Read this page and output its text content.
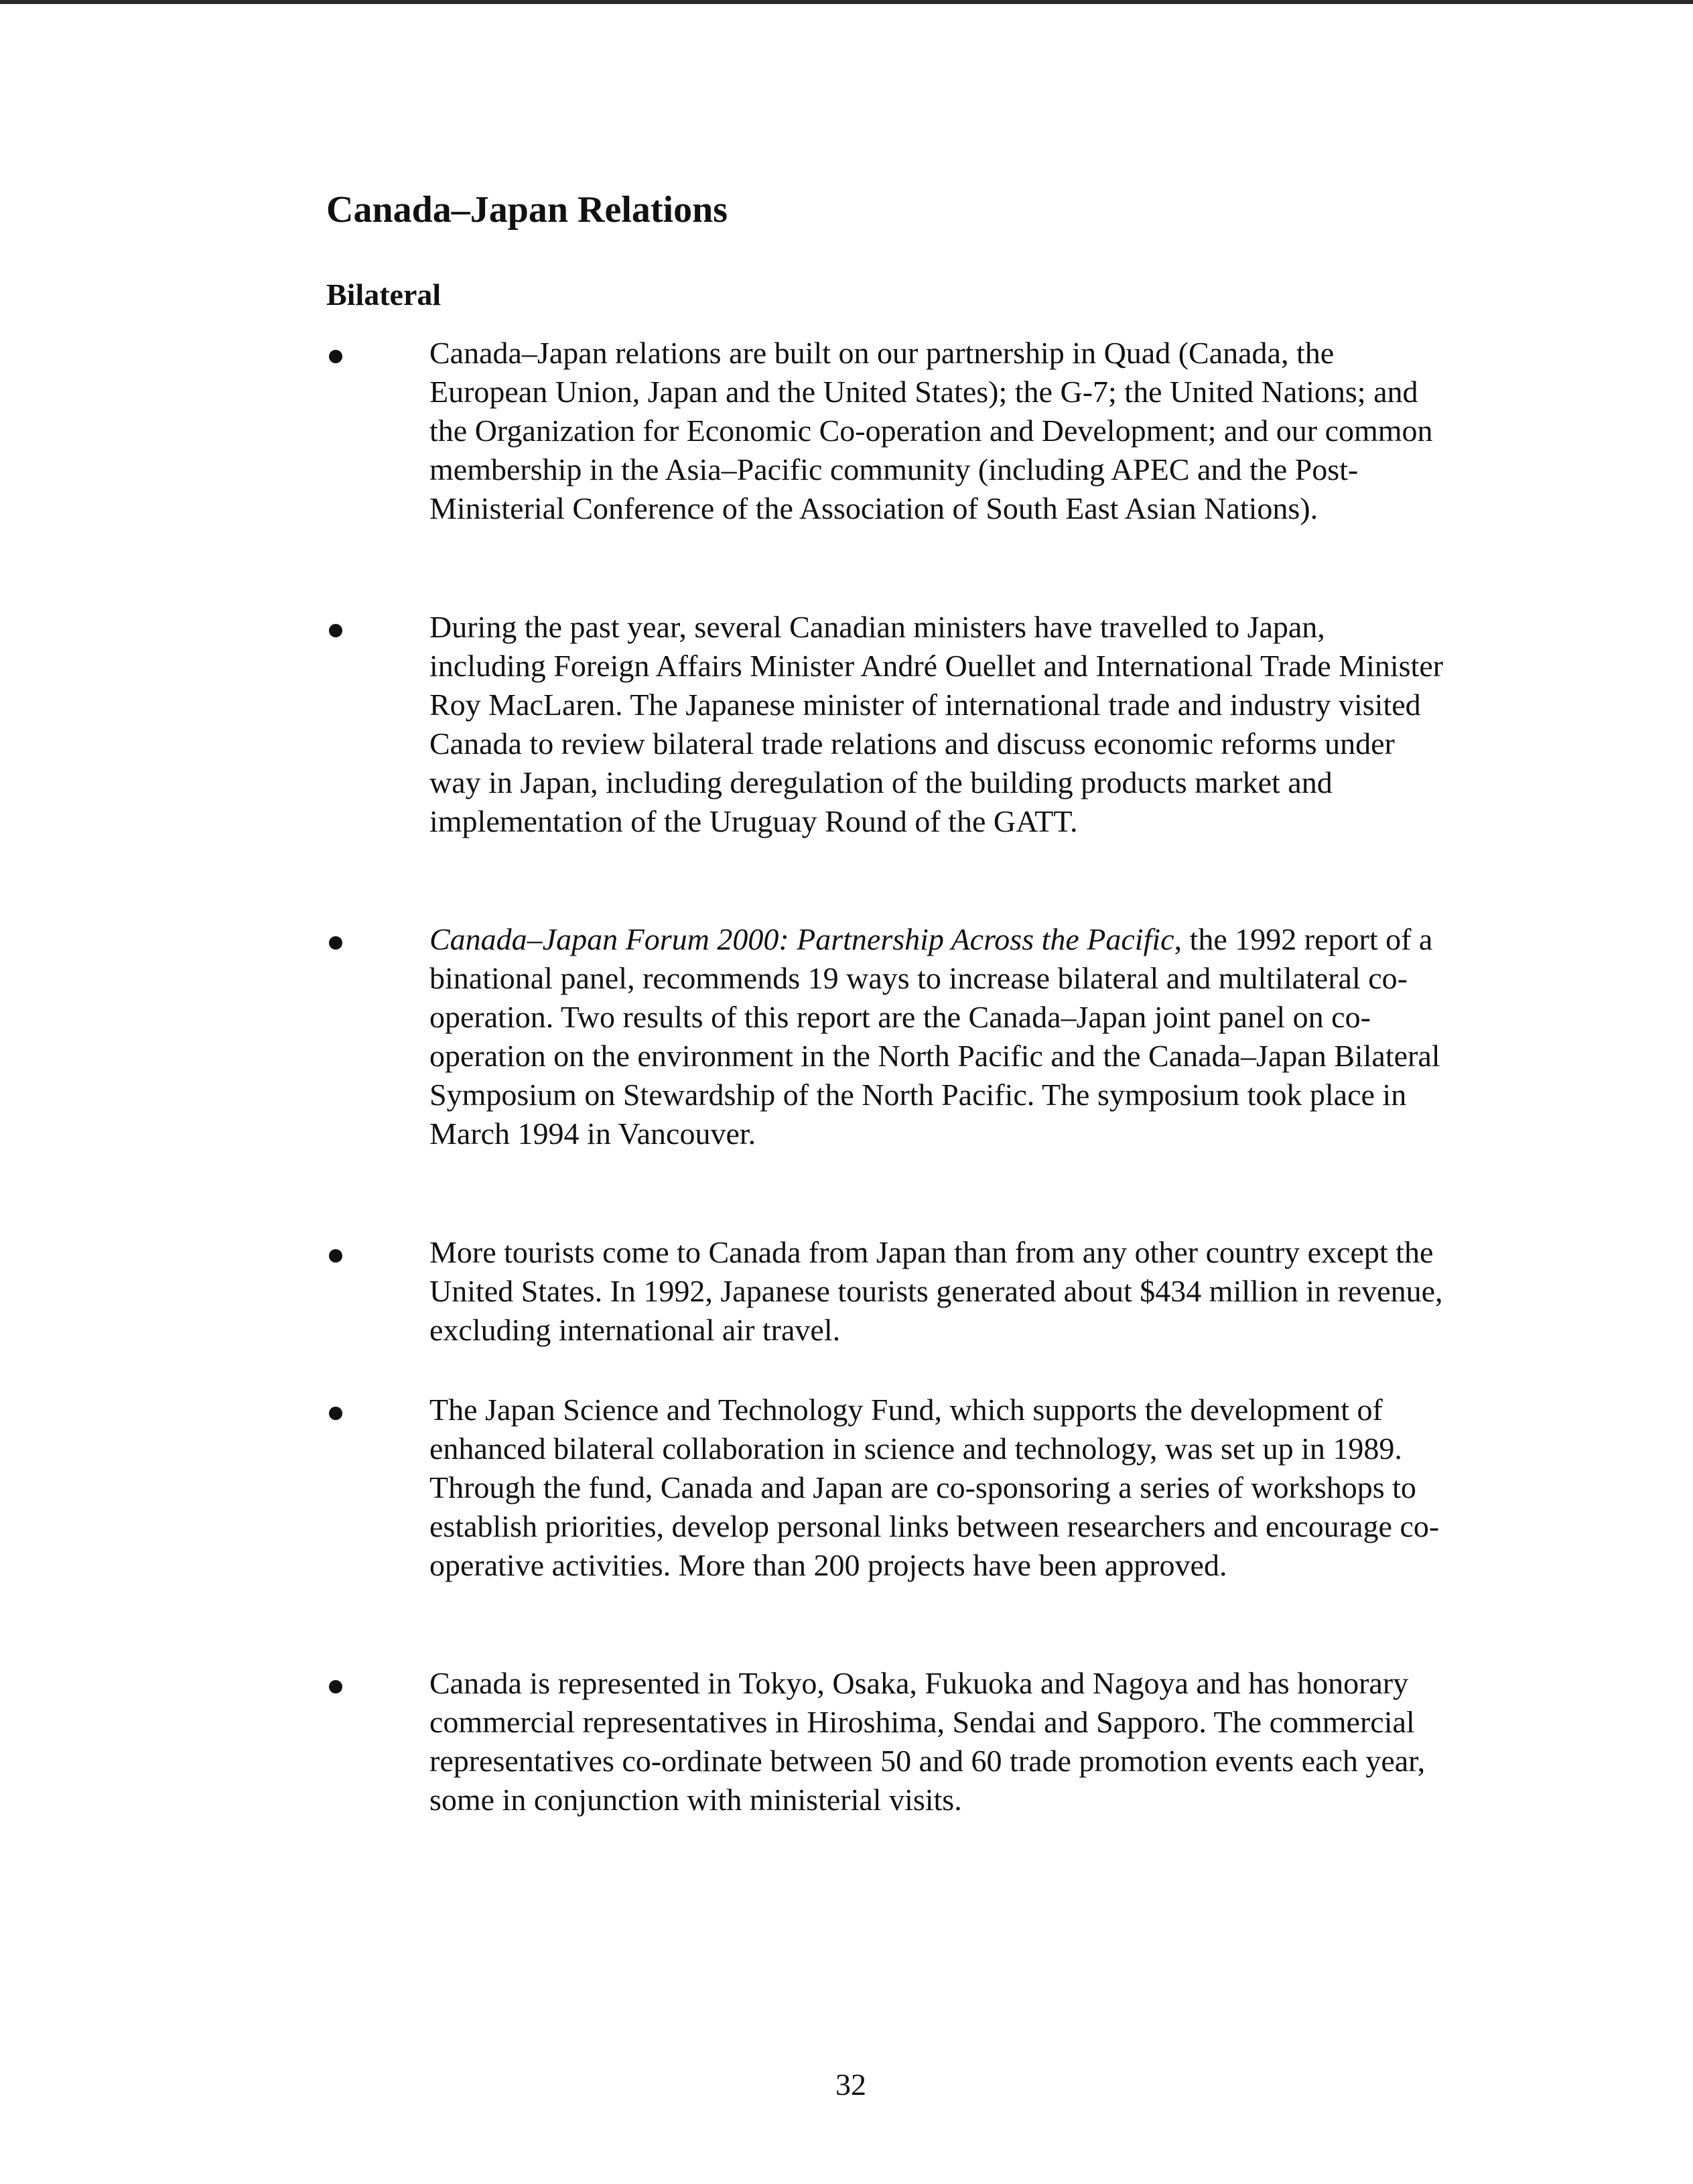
Canada–Japan Relations
Bilateral

Canada–Japan relations are built on our partnership in Quad (Canada, the European Union, Japan and the United States); the G-7; the United Nations; and the Organization for Economic Co-operation and Development; and our common membership in the Asia–Pacific community (including APEC and the Post-Ministerial Conference of the Association of South East Asian Nations).

During the past year, several Canadian ministers have travelled to Japan, including Foreign Affairs Minister André Ouellet and International Trade Minister Roy MacLaren. The Japanese minister of international trade and industry visited Canada to review bilateral trade relations and discuss economic reforms under way in Japan, including deregulation of the building products market and implementation of the Uruguay Round of the GATT.

Canada–Japan Forum 2000: Partnership Across the Pacific, the 1992 report of a binational panel, recommends 19 ways to increase bilateral and multilateral co-operation. Two results of this report are the Canada–Japan joint panel on co-operation on the environment in the North Pacific and the Canada–Japan Bilateral Symposium on Stewardship of the North Pacific. The symposium took place in March 1994 in Vancouver.

More tourists come to Canada from Japan than from any other country except the United States. In 1992, Japanese tourists generated about $434 million in revenue, excluding international air travel.

The Japan Science and Technology Fund, which supports the development of enhanced bilateral collaboration in science and technology, was set up in 1989. Through the fund, Canada and Japan are co-sponsoring a series of workshops to establish priorities, develop personal links between researchers and encourage co-operative activities. More than 200 projects have been approved.

Canada is represented in Tokyo, Osaka, Fukuoka and Nagoya and has honorary commercial representatives in Hiroshima, Sendai and Sapporo. The commercial representatives co-ordinate between 50 and 60 trade promotion events each year, some in conjunction with ministerial visits.

32
